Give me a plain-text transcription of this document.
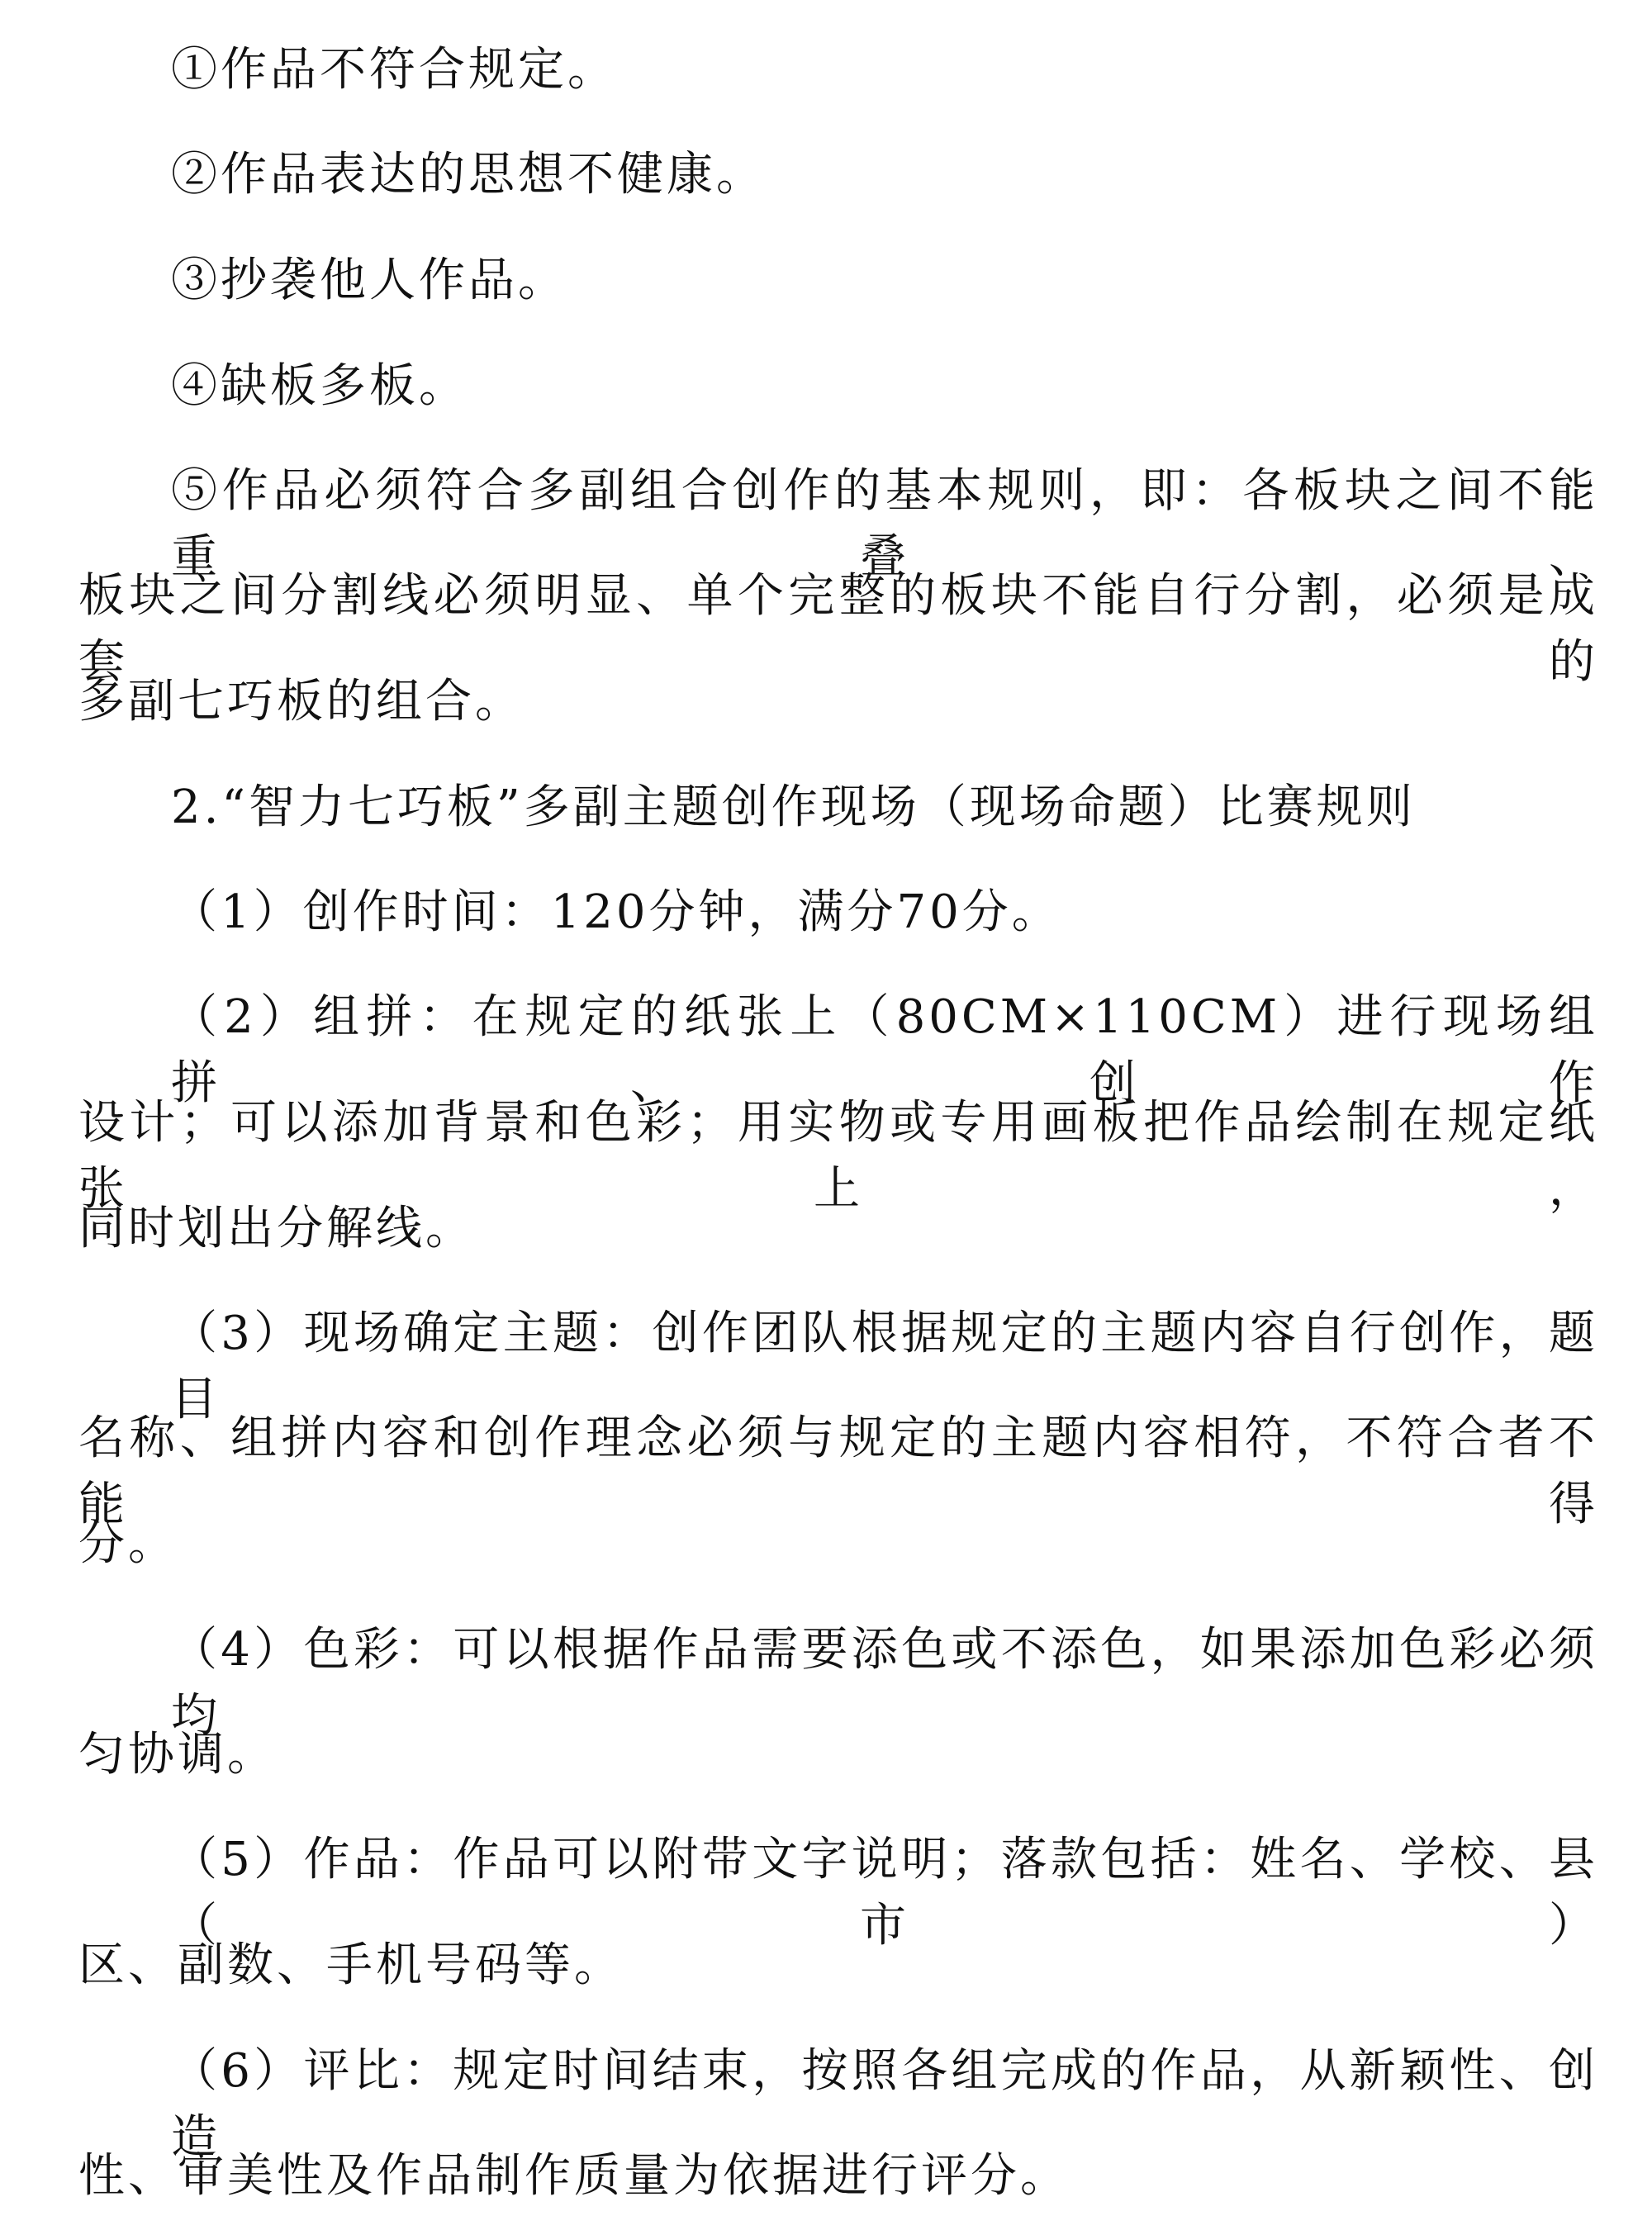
①作品不符合规定。
②作品表达的思想不健康。
③抄袭他人作品。
④缺板多板。
⑤作品必须符合多副组合创作的基本规则，即：各板块之间不能重叠、
板块之间分割线必须明显、单个完整的板块不能自行分割，必须是成套的
多副七巧板的组合。
2.“智力七巧板”多副主题创作现场（现场命题）比赛规则
（1）创作时间：120分钟，满分70分。
（2）组拼：在规定的纸张上（80CM×110CM）进行现场组拼、创作
设计；可以添加背景和色彩；用实物或专用画板把作品绘制在规定纸张上，
同时划出分解线。
（3）现场确定主题：创作团队根据规定的主题内容自行创作，题目
名称、组拼内容和创作理念必须与规定的主题内容相符，不符合者不能得
分。
（4）色彩：可以根据作品需要添色或不添色，如果添加色彩必须均
匀协调。
（5）作品：作品可以附带文字说明；落款包括：姓名、学校、县（市）
区、副数、手机号码等。
（6）评比：规定时间结束，按照各组完成的作品，从新颖性、创造
性、审美性及作品制作质量为依据进行评分。
